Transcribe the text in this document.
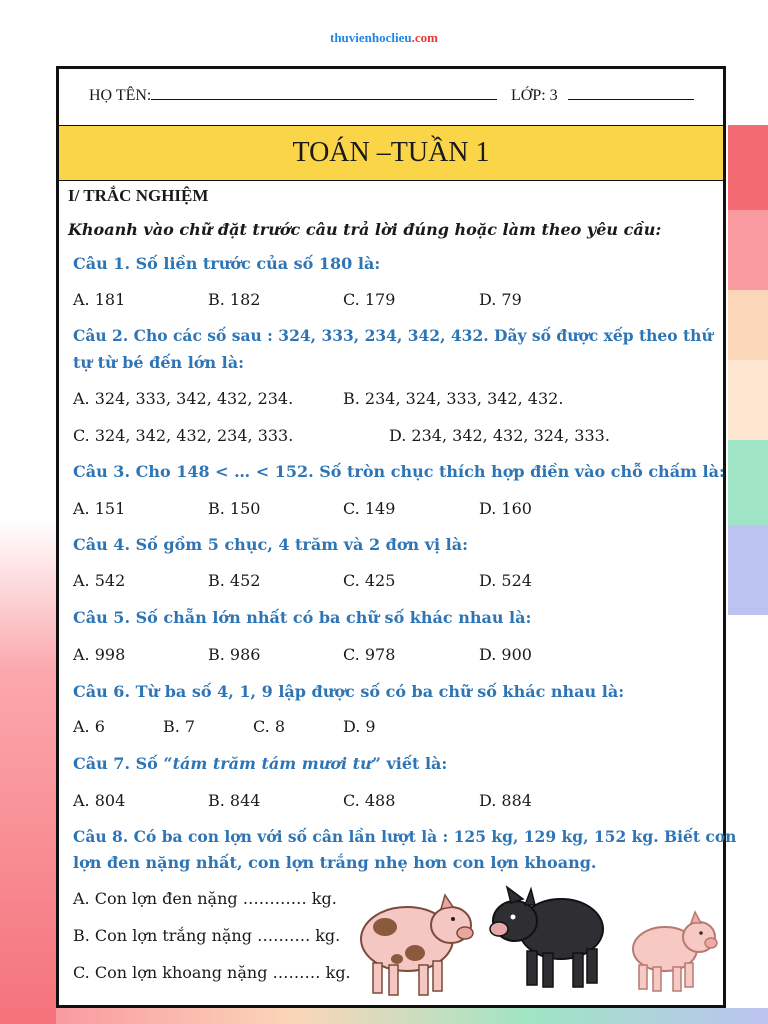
thuvienhoclieu.com
HỌ TÊN:	LỚP: 3
TOÁN –TUẦN 1
I/ TRẮC NGHIỆM
Khoanh vào chữ đặt trước câu trả lời đúng hoặc làm theo yêu cầu:
Câu 1. Số liền trước của số 180 là:
A. 181	B. 182	C. 179	D. 79
Câu 2. Cho các số sau : 324, 333, 234, 342, 432. Dãy số được xếp theo thứ
tự từ bé đến lớn là:
A. 324, 333, 342, 432, 234.	B. 234, 324, 333, 342, 432.
C. 324, 342, 432, 234, 333.	D. 234, 342, 432, 324, 333.
Câu 3. Cho 148 < … < 152. Số tròn chục thích hợp điền vào chỗ chấm là:
A. 151	B. 150	C. 149	D. 160
Câu 4. Số gồm 5 chục, 4 trăm và 2 đơn vị là:
A. 542	B. 452	C. 425	D. 524
Câu 5. Số chẵn lớn nhất có ba chữ số khác nhau là:
A. 998	B. 986	C. 978	D. 900
Câu 6. Từ ba số 4, 1, 9 lập được số có ba chữ số khác nhau là:
A. 6	B. 7	C. 8	D. 9
Câu 7. Số “tám trăm tám mươi tư” viết là:
A. 804	B. 844	C. 488	D. 884
Câu 8. Có ba con lợn với số cân lần lượt là : 125 kg, 129 kg, 152 kg. Biết con
lợn đen nặng nhất, con lợn trắng nhẹ hơn con lợn khoang.
A. Con lợn đen nặng ………… kg.
B. Con lợn trắng nặng ………. kg.
C. Con lợn khoang nặng ……… kg.
